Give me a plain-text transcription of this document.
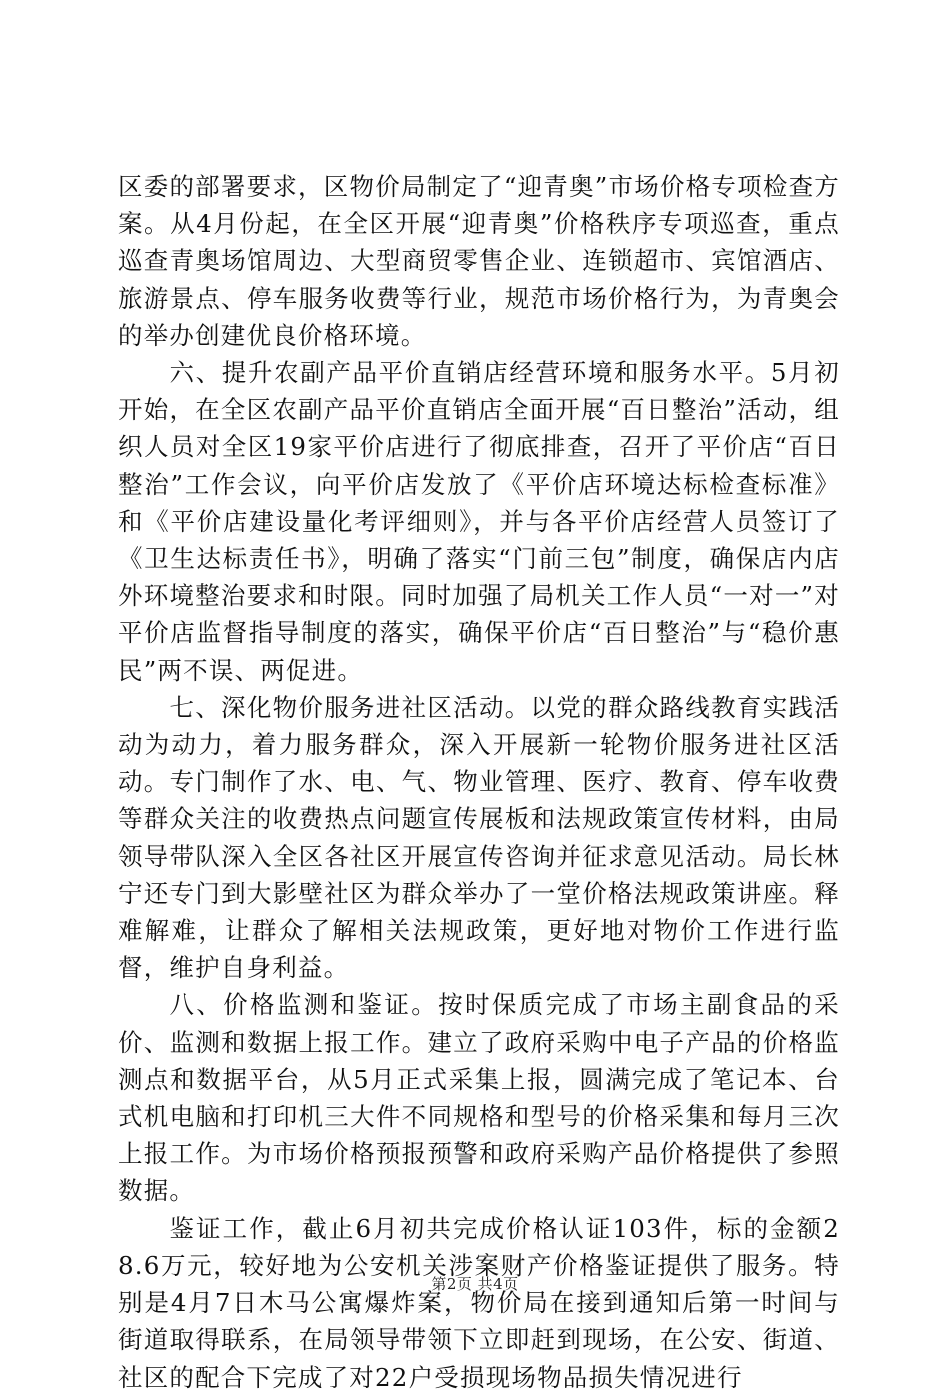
区委的部署要求，区物价局制定了“迎青奥”市场价格专项检查方案。从4月份起，在全区开展“迎青奥”价格秩序专项巡查，重点巡查青奥场馆周边、大型商贸零售企业、连锁超市、宾馆酒店、旅游景点、停车服务收费等行业，规范市场价格行为，为青奥会的举办创建优良价格环境。

六、提升农副产品平价直销店经营环境和服务水平。5月初开始，在全区农副产品平价直销店全面开展“百日整治”活动，组织人员对全区19家平价店进行了彻底排查，召开了平价店“百日整治”工作会议，向平价店发放了《平价店环境达标检查标准》和《平价店建设量化考评细则》，并与各平价店经营人员签订了《卫生达标责任书》，明确了落实“门前三包”制度，确保店内店外环境整治要求和时限。同时加强了局机关工作人员“一对一”对平价店监督指导制度的落实，确保平价店“百日整治”与“稳价惠民”两不误、两促进。

七、深化物价服务进社区活动。以党的群众路线教育实践活动为动力，着力服务群众，深入开展新一轮物价服务进社区活动。专门制作了水、电、气、物业管理、医疗、教育、停车收费等群众关注的收费热点问题宣传展板和法规政策宣传材料，由局领导带队深入全区各社区开展宣传咨询并征求意见活动。局长林宁还专门到大影壁社区为群众举办了一堂价格法规政策讲座。释难解难，让群众了解相关法规政策，更好地对物价工作进行监督，维护自身利益。

八、价格监测和鉴证。按时保质完成了市场主副食品的采价、监测和数据上报工作。建立了政府采购中电子产品的价格监测点和数据平台，从5月正式采集上报，圆满完成了笔记本、台式机电脑和打印机三大件不同规格和型号的价格采集和每月三次上报工作。为市场价格预报预警和政府采购产品价格提供了参照数据。

鉴证工作，截止6月初共完成价格认证103件，标的金额28.6万元，较好地为公安机关涉案财产价格鉴证提供了服务。特别是4月7日木马公寓爆炸案，物价局在接到通知后第一时间与街道取得联系，在局领导带领下立即赶到现场，在公安、街道、社区的配合下完成了对22户受损现场物品损失情况进行

第2页 共4页
